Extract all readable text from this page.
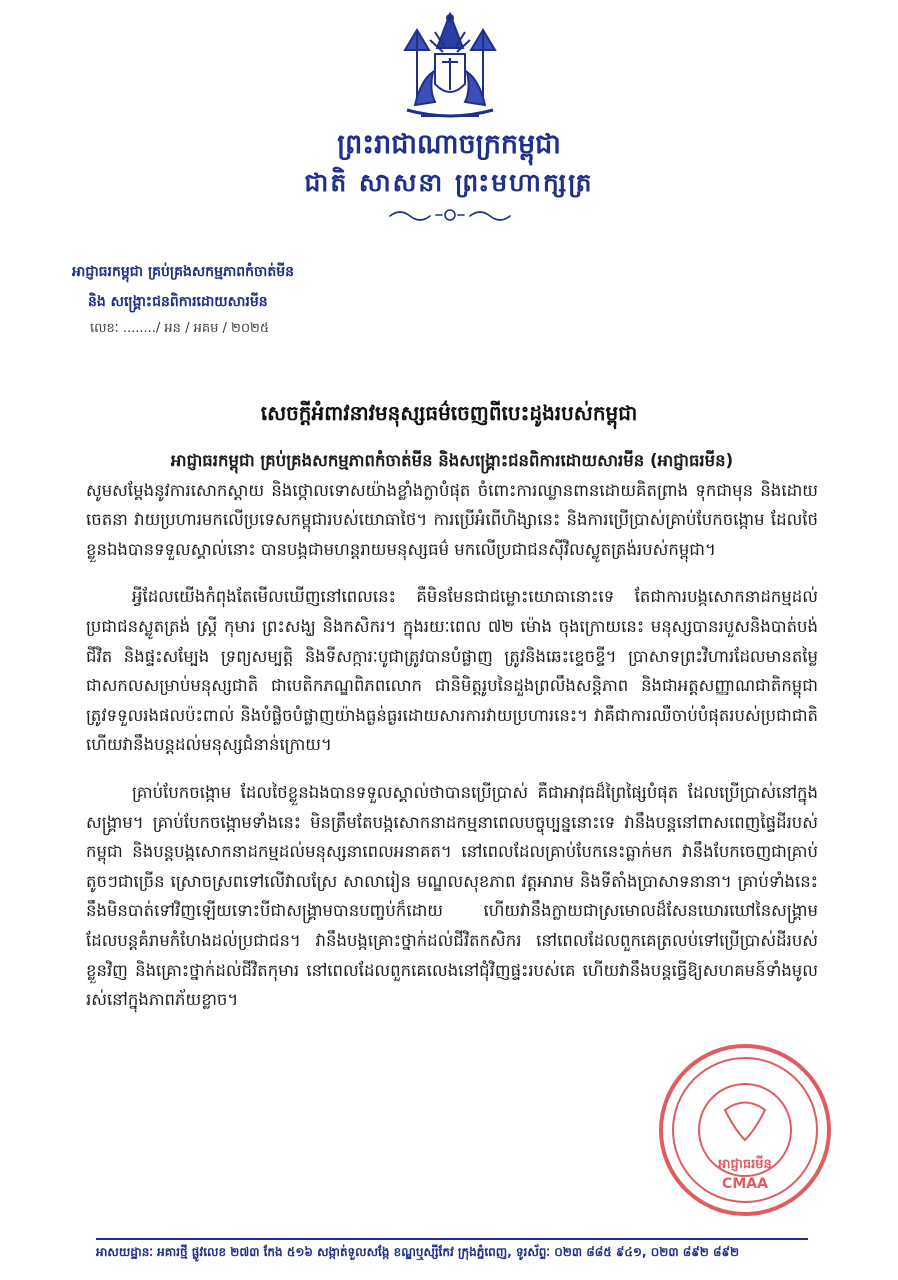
ព្រះរាជាណាចក្រកម្ពុជា
ជាតិ សាសនា ព្រះមហាក្សត្រ
អាជ្ញាធរកម្ពុជា គ្រប់គ្រងសកម្មភាពកំចាត់មីន
និង សង្គ្រោះជនពិការដោយសារមីន
លេខៈ ......../ អន / អគម / ២០២៥
សេចក្ដីអំពាវនាវមនុស្សធម៌ចេញពីបេះដូងរបស់កម្ពុជា

អាជ្ញាធរកម្ពុជា គ្រប់គ្រងសកម្មភាពកំចាត់មីន និងសង្គ្រោះជនពិការដោយសារមីន (អាជ្ញាធរមីន)

សូមសម្តែងនូវការសោកស្តាយ និងថ្កោលទោសយ៉ាងខ្លាំងក្លាបំផុត ចំពោះការឈ្លានពានដោយគិតព្រាង ទុកជាមុន និងដោយចេតនា វាយប្រហារមកលើប្រទេសកម្ពុជារបស់យោធាថៃ។ ការប្រើអំពើហិង្សានេះ និងការប្រើប្រាស់គ្រាប់បែកចង្កោម ដែលថៃខ្លួនឯងបានទទួលស្គាល់នោះ បានបង្កជាមហន្តរាយមនុស្សធម៌ មកលើប្រជាជនស៊ីវិលស្លូតត្រង់របស់កម្ពុជា។

អ្វីដែលយើងកំពុងតែមើលឃើញនៅពេលនេះ គឺមិនមែនជាជម្លោះយោធានោះទេ តែជាការបង្កសោកនាដកម្មដល់ប្រជាជនស្លូតត្រង់ ស្ត្រី កុមារ ព្រះសង្ឃ និងកសិករ។ ក្នុងរយៈពេល ៧២ ម៉ោង ចុងក្រោយនេះ មនុស្សបានរបួសនិងបាត់បង់ជីវិត និងផ្ទះសម្បែង ទ្រព្យសម្បត្តិ និងទីសក្ការៈបូជាត្រូវបានបំផ្លាញ ត្រូវនិងឆេះខ្ទេចខ្ទី។ ប្រាសាទព្រះវិហារដែលមានតម្លៃជាសកលសម្រាប់មនុស្សជាតិ ជាបេតិកភណ្ឌពិភពលោក ជានិមិត្តរូបនៃដួងព្រលឹងសន្តិភាព និងជាអត្តសញ្ញាណជាតិកម្ពុជា ត្រូវទទួលរងផលប៉ះពាល់ និងបំផ្លិចបំផ្លាញយ៉ាងធ្ងន់ធ្ងរដោយសារការវាយប្រហារនេះ។ វាគឺជាការឈឺចាប់បំផុតរបស់ប្រជាជាតិ ហើយវានឹងបន្តដល់មនុស្សជំនាន់ក្រោយ។

គ្រាប់បែកចង្កោម ដែលថៃខ្លួនឯងបានទទួលស្គាល់ថាបានប្រើប្រាស់ គឺជាអាវុធដ៏ព្រៃផ្សៃបំផុត ដែលប្រើប្រាស់នៅក្នុងសង្គ្រាម។ គ្រាប់បែកចង្កោមទាំងនេះ មិនត្រឹមតែបង្កសោកនាដកម្មនាពេលបច្ចុប្បន្ននោះទេ វានឹងបន្តនៅពាសពេញផ្ទៃដីរបស់កម្ពុជា និងបន្តបង្កសោកនាដកម្មដល់មនុស្សនាពេលអនាគត។ នៅពេលដែលគ្រាប់បែកនេះធ្លាក់មក វានឹងបែកចេញជាគ្រាប់តូចៗជាច្រើន ស្រោចស្រពទៅលើវាលស្រែ សាលារៀន មណ្ឌលសុខភាព វត្តអារាម និងទីតាំងប្រាសាទនានា។ គ្រាប់ទាំងនេះ នឹងមិនបាត់ទៅវិញឡើយទោះបីជាសង្គ្រាមបានបញ្ចប់ក៏ដោយ ហើយវានឹងក្លាយជាស្រមោលដ៏សែនឃោរឃៅនៃសង្គ្រាម ដែលបន្តគំរាមកំហែងដល់ប្រជាជន។ វានឹងបង្កគ្រោះថ្នាក់ដល់ជីវិតកសិករ នៅពេលដែលពួកគេត្រលប់ទៅប្រើប្រាស់ដីរបស់ខ្លួនវិញ និងគ្រោះថ្នាក់ដល់ជីវិតកុមារ នៅពេលដែលពួកគេលេងនៅជុំវិញផ្ទះរបស់គេ ហើយវានឹងបន្តធ្វើឱ្យសហគមន៍ទាំងមូលរស់នៅក្នុងភាពភ័យខ្លាច។

អាជ្ញាធរមីន
CMAA
អាសយដ្ឋានៈ អគារថ្មី ផ្លូវលេខ ២៧៣ កែង ៥១៦ សង្កាត់ទួលសង្កែ ខណ្ឌឬស្សីកែវ ក្រុងភ្នំពេញ, ទូរស័ព្ទៈ ០២៣ ៨៨៥ ៩៤១, ០២៣ ៨៩២ ៨៩២
